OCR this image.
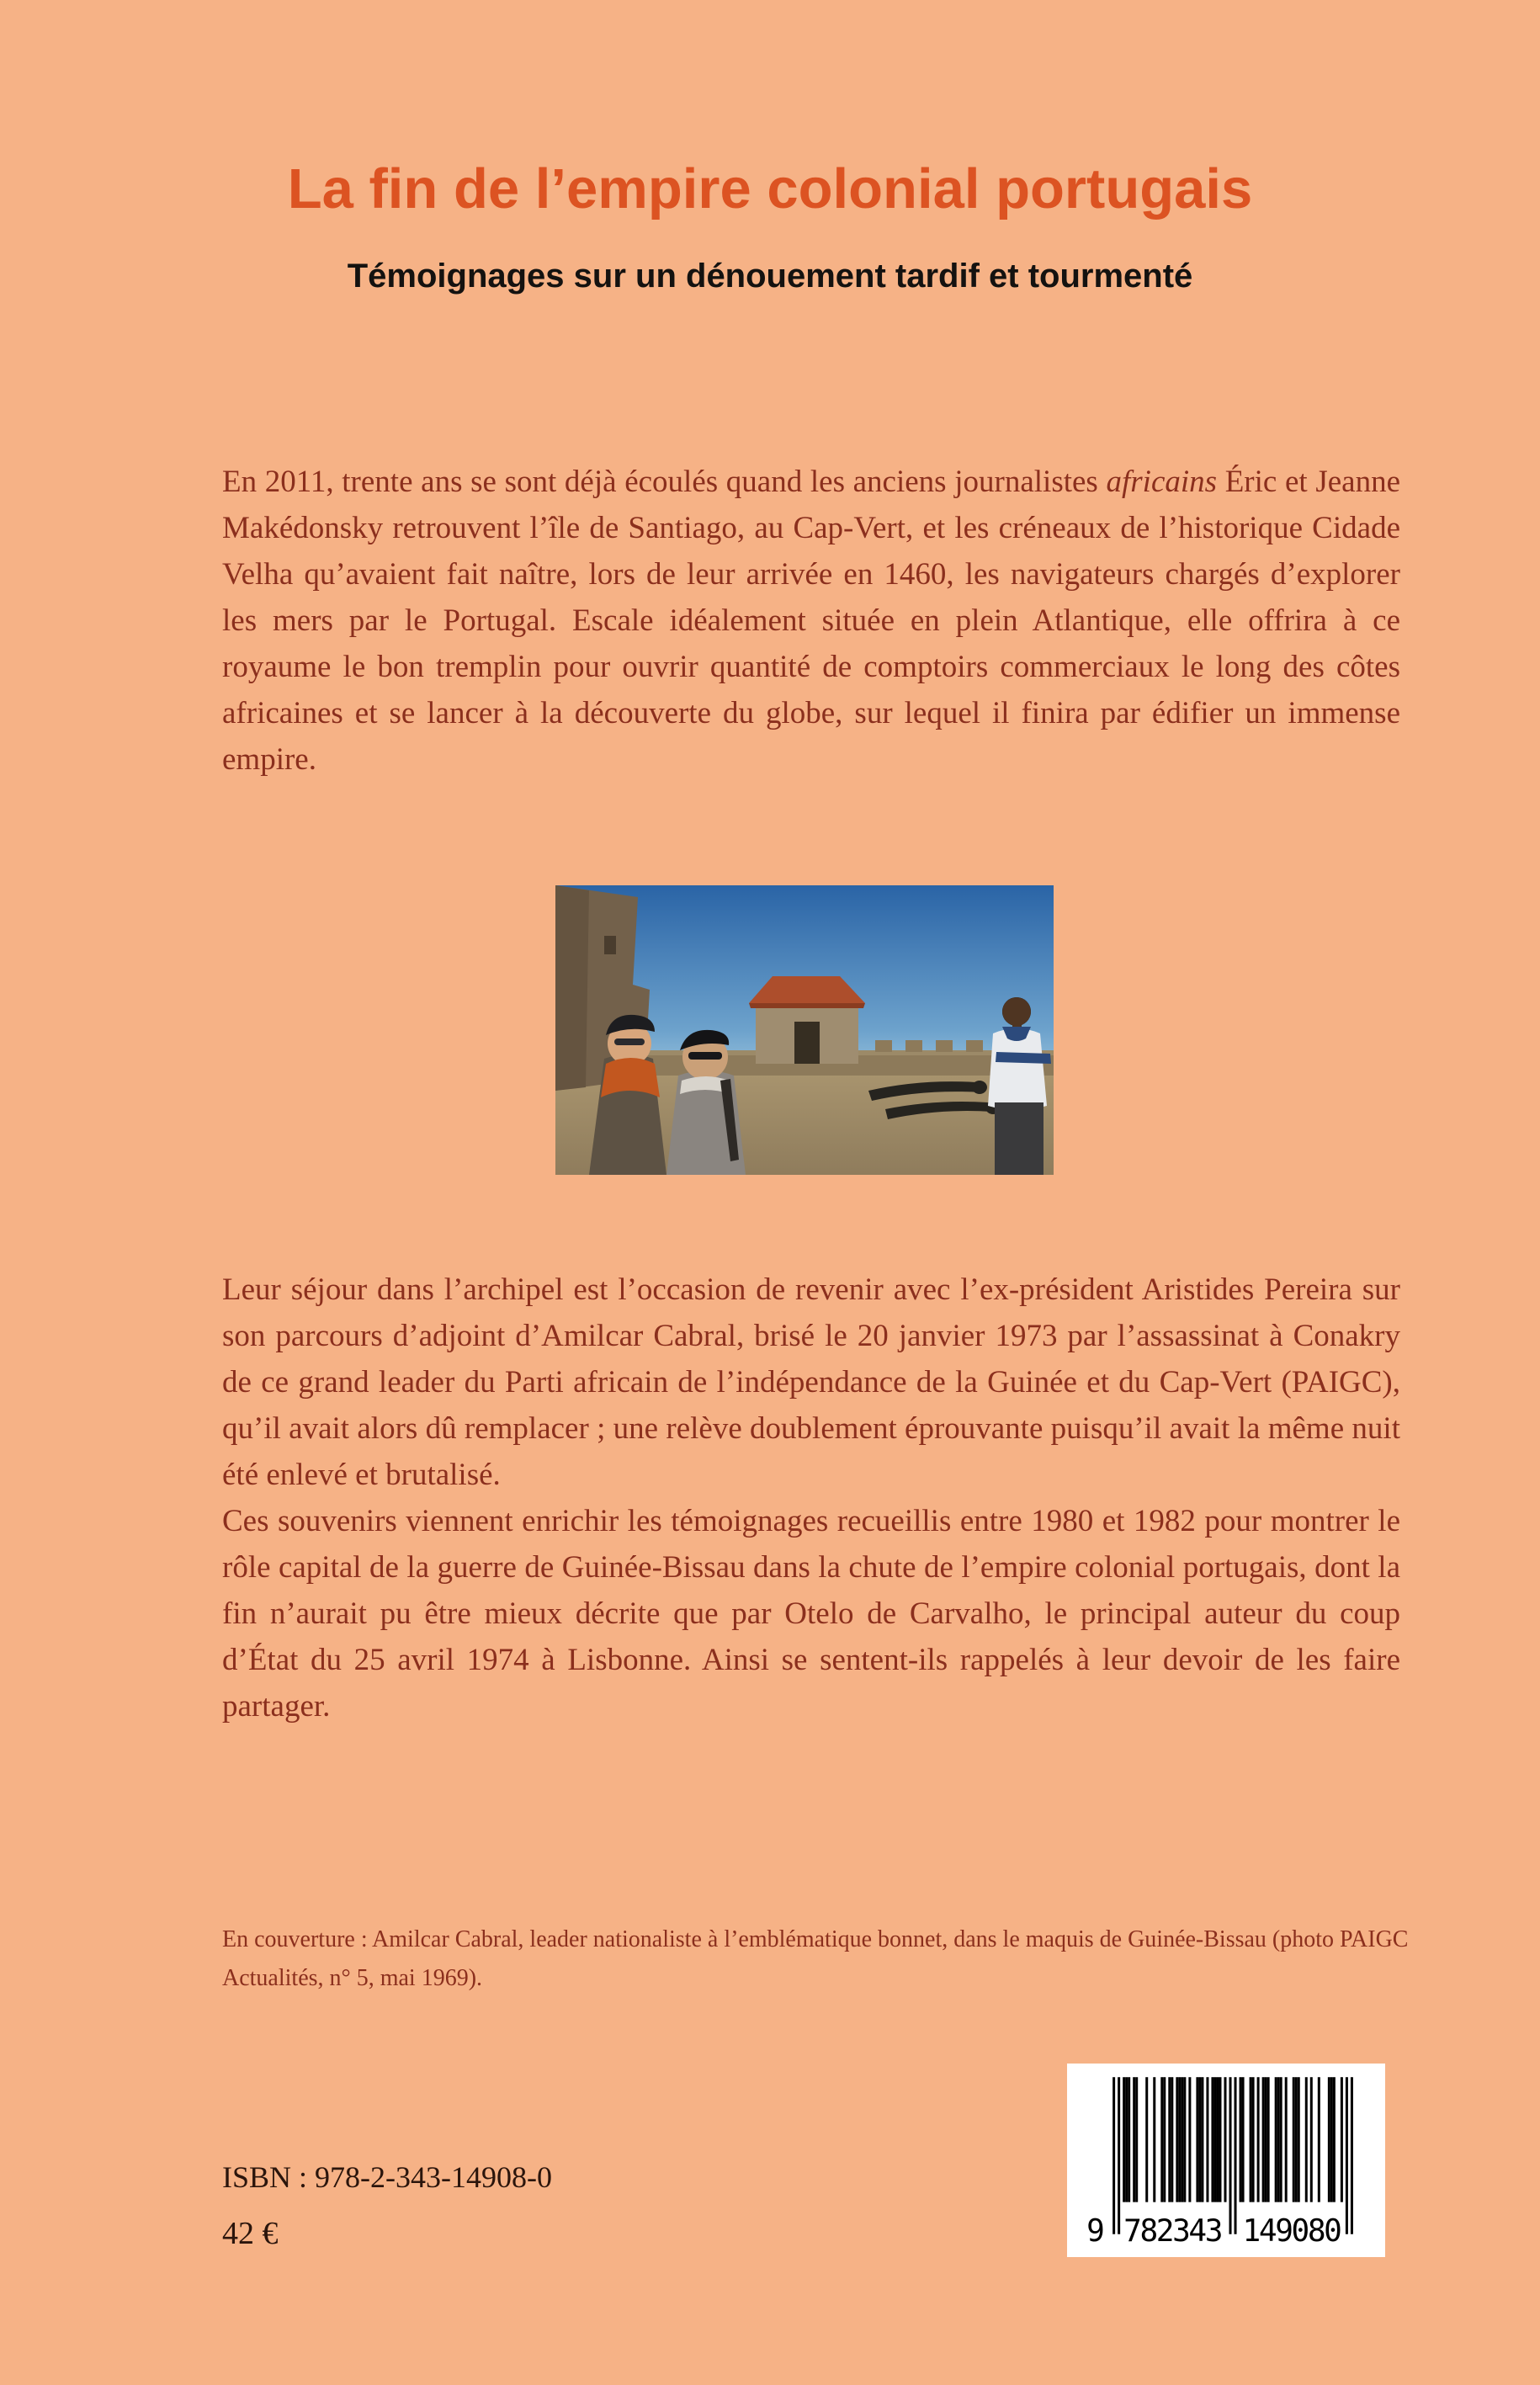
La fin de l’empire colonial portugais
Témoignages sur un dénouement tardif et tourmenté

En 2011, trente ans se sont déjà écoulés quand les anciens journalistes africains Éric et Jeanne Makédonsky retrouvent l’île de Santiago, au Cap-Vert, et les créneaux de l’historique Cidade Velha qu’avaient fait naître, lors de leur arrivée en 1460, les navigateurs chargés d’explorer les mers par le Portugal. Escale idéalement située en plein Atlantique, elle offrira à ce royaume le bon tremplin pour ouvrir quantité de comptoirs commerciaux le long des côtes africaines et se lancer à la découverte du globe, sur lequel il finira par édifier un immense empire.

Leur séjour dans l’archipel est l’occasion de revenir avec l’ex-président Aristides Pereira sur son parcours d’adjoint d’Amilcar Cabral, brisé le 20 janvier 1973 par l’assassinat à Conakry de ce grand leader du Parti africain de l’indépendance de la Guinée et du Cap-Vert (PAIGC), qu’il avait alors dû remplacer ; une relève doublement éprouvante puisqu’il avait la même nuit été enlevé et brutalisé.

Ces souvenirs viennent enrichir les témoignages recueillis entre 1980 et 1982 pour montrer le rôle capital de la guerre de Guinée-Bissau dans la chute de l’empire colonial portugais, dont la fin n’aurait pu être mieux décrite que par Otelo de Carvalho, le principal auteur du coup d’État du 25 avril 1974 à Lisbonne. Ainsi se sentent-ils rappelés à leur devoir de les faire partager.

En couverture : Amilcar Cabral, leader nationaliste à l’emblématique bonnet, dans le maquis de Guinée-Bissau (photo PAIGC Actualités, n° 5, mai 1969).
ISBN : 978-2-343-14908-0
42 €	9 782343 149080
